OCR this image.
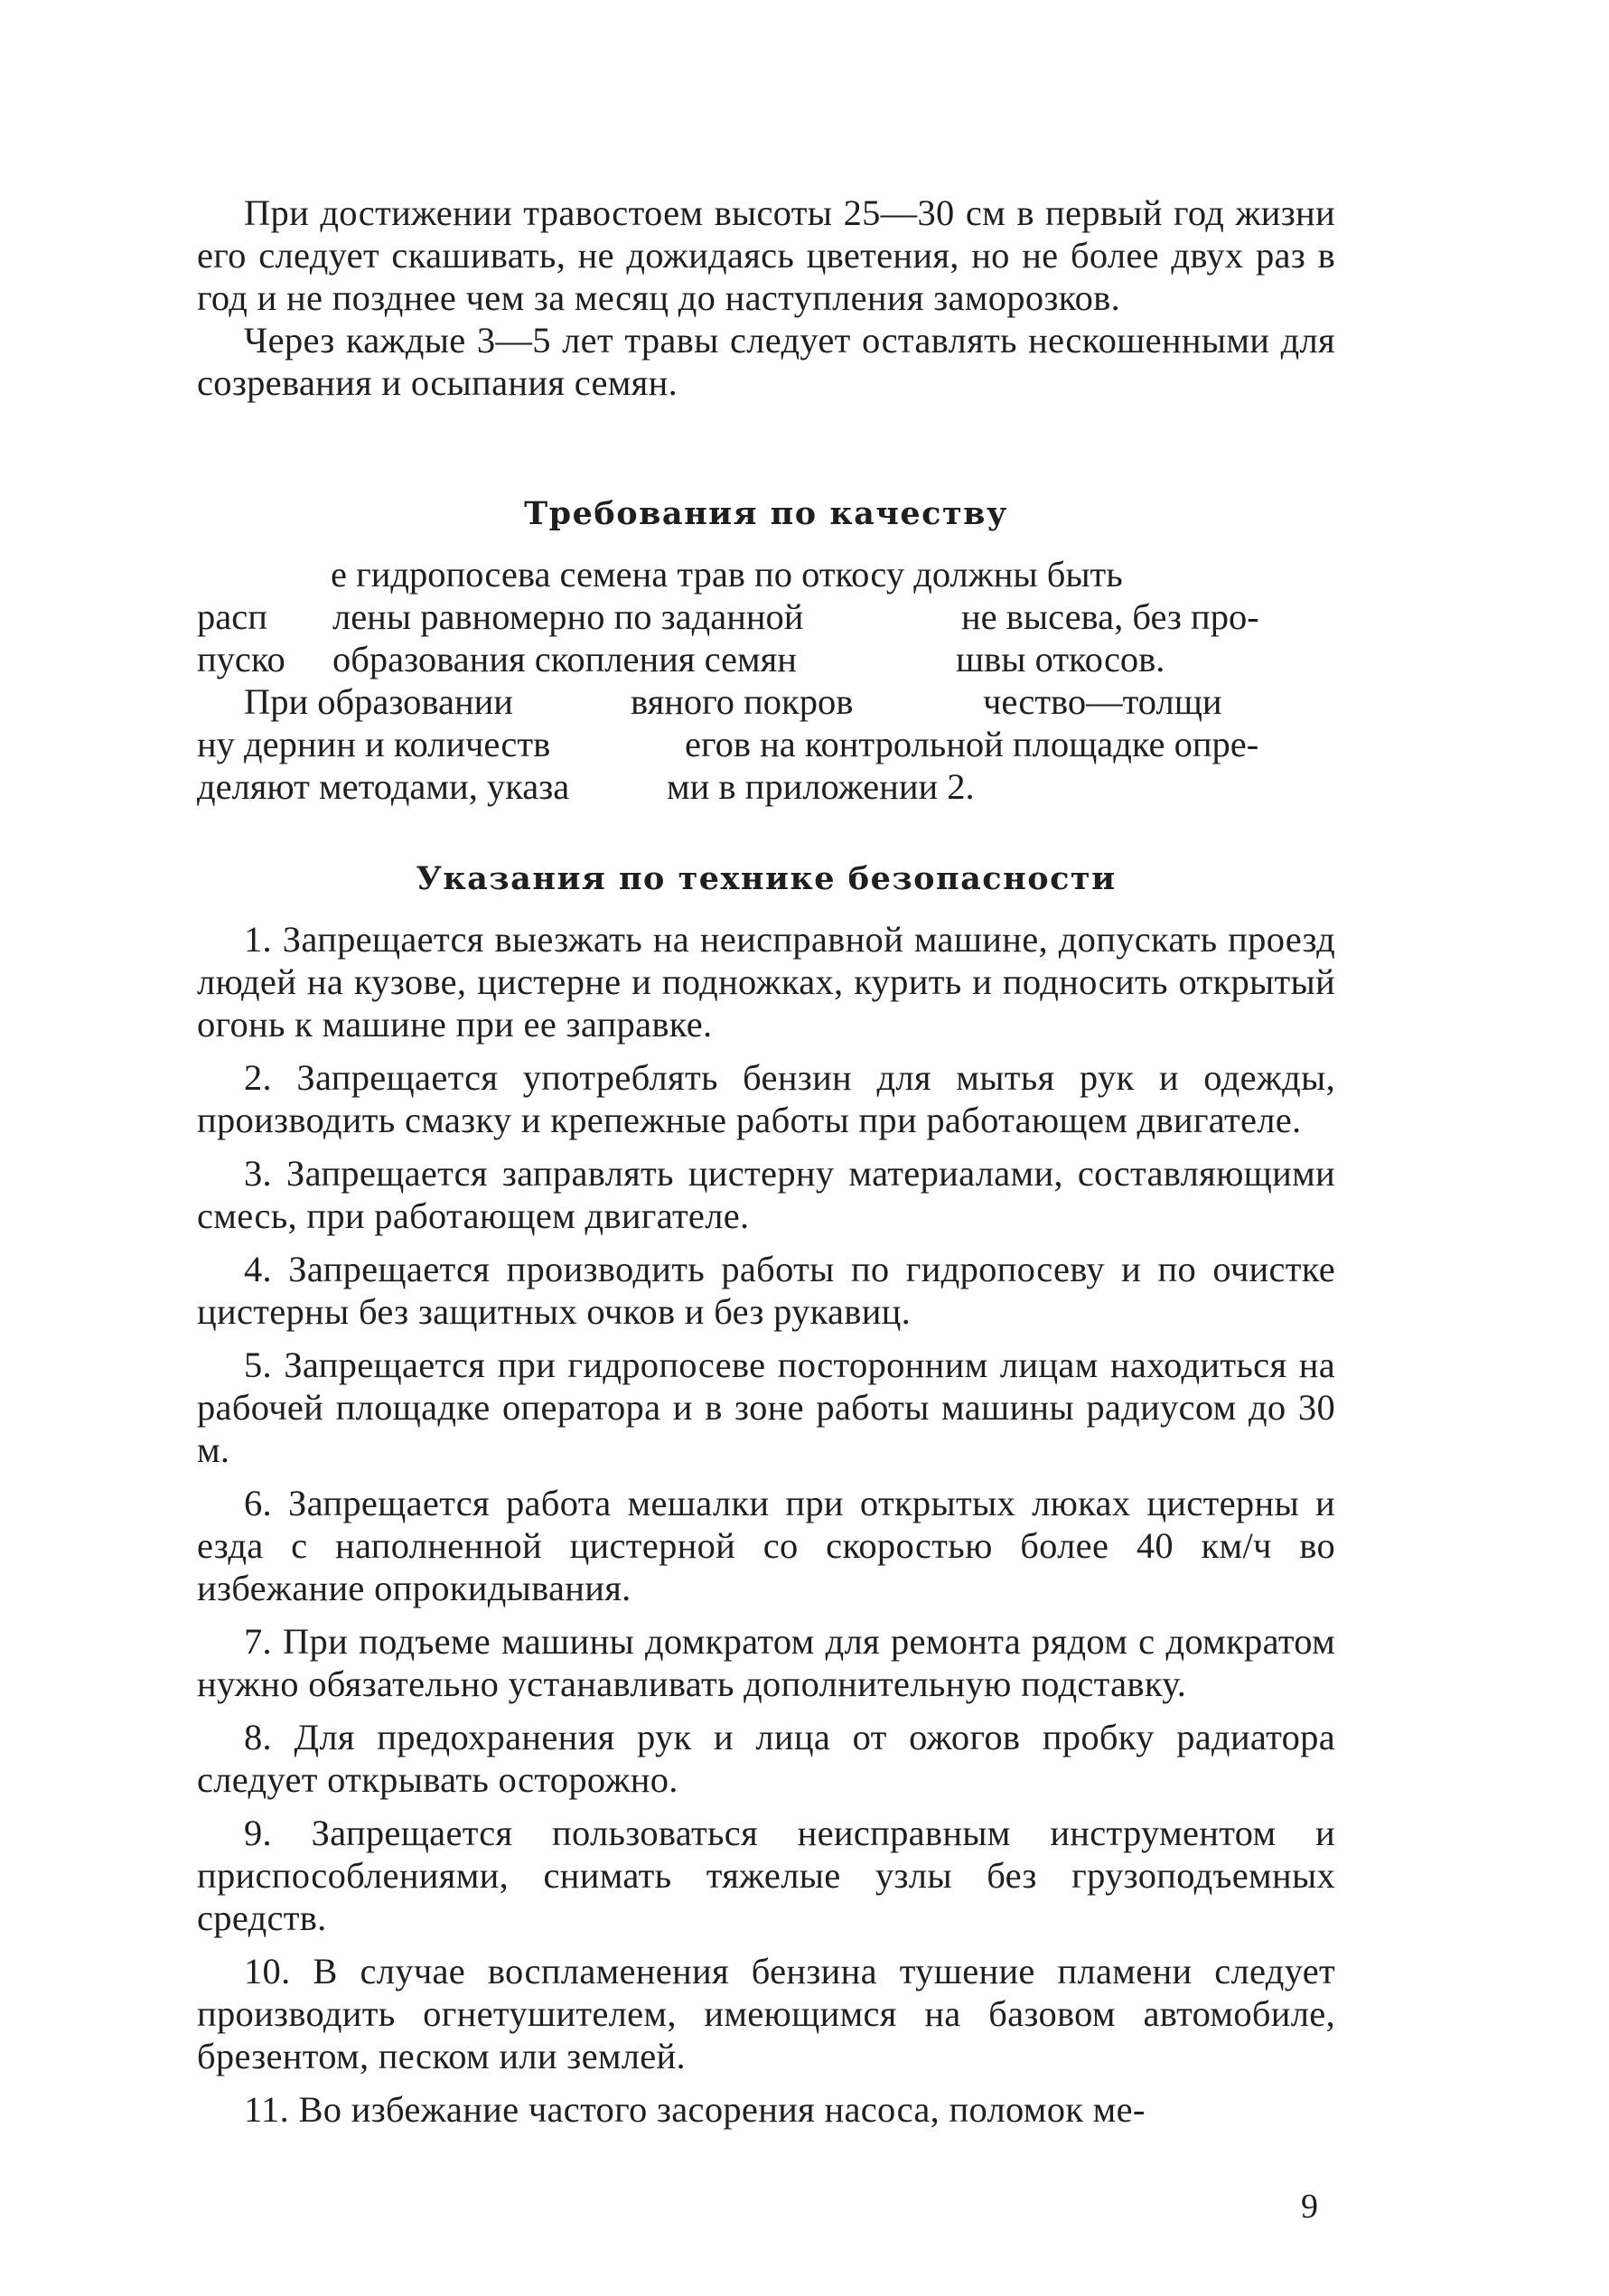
При достижении травостоем высоты 25—30 см в первый год жизни его следует скашивать, не дожидаясь цветения, но не более двух раз в год и не позднее чем за месяц до наступления заморозков.

Через каждые 3—5 лет травы следует оставлять нескошенными для созревания и осыпания семян.

Требования по качеству
е гидропосева семена трав по откосу должны быть
расп лены равномерно по заданной	не высева, без про-
пуско образования скопления семян	швы откосов.
При образовании	вяного покров	чество—толщи
ну дернин и количеств	егов на контрольной площадке опре-
деляют методами, указа	ми в приложении 2.
Указания по технике безопасности

1. Запрещается выезжать на неисправной машине, допускать проезд людей на кузове, цистерне и подножках, курить и подносить открытый огонь к машине при ее заправке.

2. Запрещается употреблять бензин для мытья рук и одежды, производить смазку и крепежные работы при работающем двигателе.

3. Запрещается заправлять цистерну материалами, составляющими смесь, при работающем двигателе.

4. Запрещается производить работы по гидропосеву и по очистке цистерны без защитных очков и без рукавиц.

5. Запрещается при гидропосеве посторонним лицам находиться на рабочей площадке оператора и в зоне работы машины радиусом до 30 м.

6. Запрещается работа мешалки при открытых люках цистерны и езда с наполненной цистерной со скоростью более 40 км/ч во избежание опрокидывания.

7. При подъеме машины домкратом для ремонта рядом с домкратом нужно обязательно устанавливать дополнительную подставку.

8. Для предохранения рук и лица от ожогов пробку радиатора следует открывать осторожно.

9. Запрещается пользоваться неисправным инструментом и приспособлениями, снимать тяжелые узлы без грузоподъемных средств.

10. В случае воспламенения бензина тушение пламени следует производить огнетушителем, имеющимся на базовом автомобиле, брезентом, песком или землей.

11. Во избежание частого засорения насоса, поломок ме-

9
